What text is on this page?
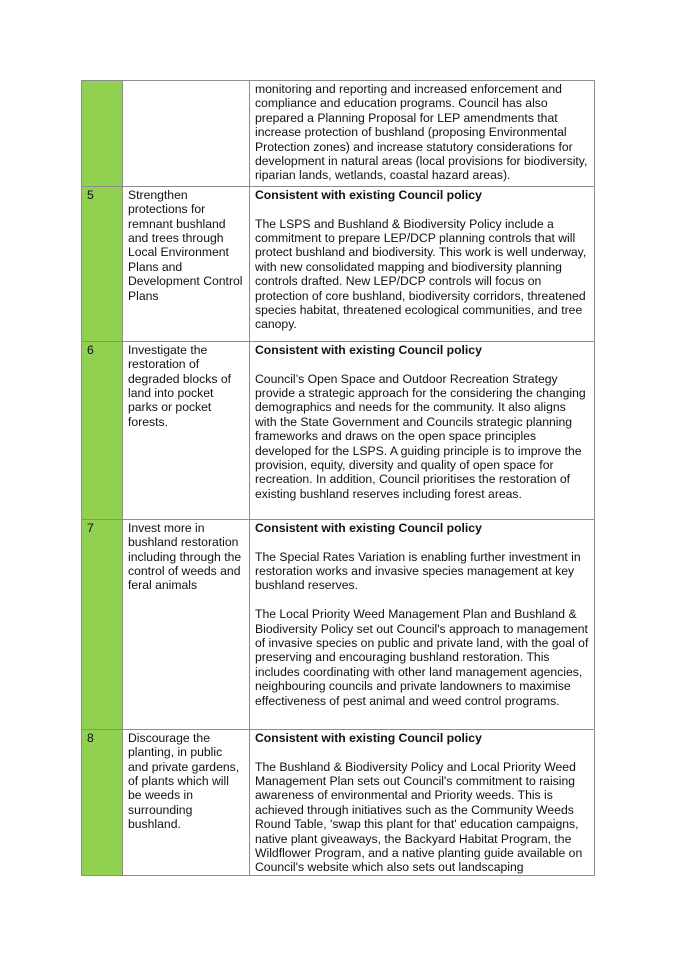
		monitoring and reporting and increased enforcement and compliance and education programs. Council has also prepared a Planning Proposal for LEP amendments that increase protection of bushland (proposing Environmental Protection zones) and increase statutory considerations for development in natural areas (local provisions for biodiversity, riparian lands, wetlands, coastal hazard areas).
5	Strengthen protections for remnant bushland and trees through Local Environment Plans and Development Control Plans	Consistent with existing Council policy
The LSPS and Bushland & Biodiversity Policy include a commitment to prepare LEP/DCP planning controls that will protect bushland and biodiversity. This work is well underway, with new consolidated mapping and biodiversity planning controls drafted. New LEP/DCP controls will focus on protection of core bushland, biodiversity corridors, threatened species habitat, threatened ecological communities, and tree canopy.

6	Investigate the restoration of degraded blocks of land into pocket parks or pocket forests.	Consistent with existing Council policy
Council’s Open Space and Outdoor Recreation Strategy provide a strategic approach for the considering the changing demographics and needs for the community. It also aligns with the State Government and Councils strategic planning frameworks and draws on the open space principles developed for the LSPS. A guiding principle is to improve the provision, equity, diversity and quality of open space for recreation. In addition, Council prioritises the restoration of existing bushland reserves including forest areas.

7	Invest more in bushland restoration including through the control of weeds and feral animals	Consistent with existing Council policy
The Special Rates Variation is enabling further investment in restoration works and invasive species management at key bushland reserves.
The Local Priority Weed Management Plan and Bushland & Biodiversity Policy set out Council's approach to management of invasive species on public and private land, with the goal of preserving and encouraging bushland restoration. This includes coordinating with other land management agencies, neighbouring councils and private landowners to maximise effectiveness of pest animal and weed control programs.

8	Discourage the planting, in public and private gardens, of plants which will be weeds in surrounding bushland.	Consistent with existing Council policy
The Bushland & Biodiversity Policy and Local Priority Weed Management Plan sets out Council's commitment to raising awareness of environmental and Priority weeds. This is achieved through initiatives such as the Community Weeds Round Table, 'swap this plant for that' education campaigns, native plant giveaways, the Backyard Habitat Program, the Wildflower Program, and a native planting guide available on Council's website which also sets out landscaping
